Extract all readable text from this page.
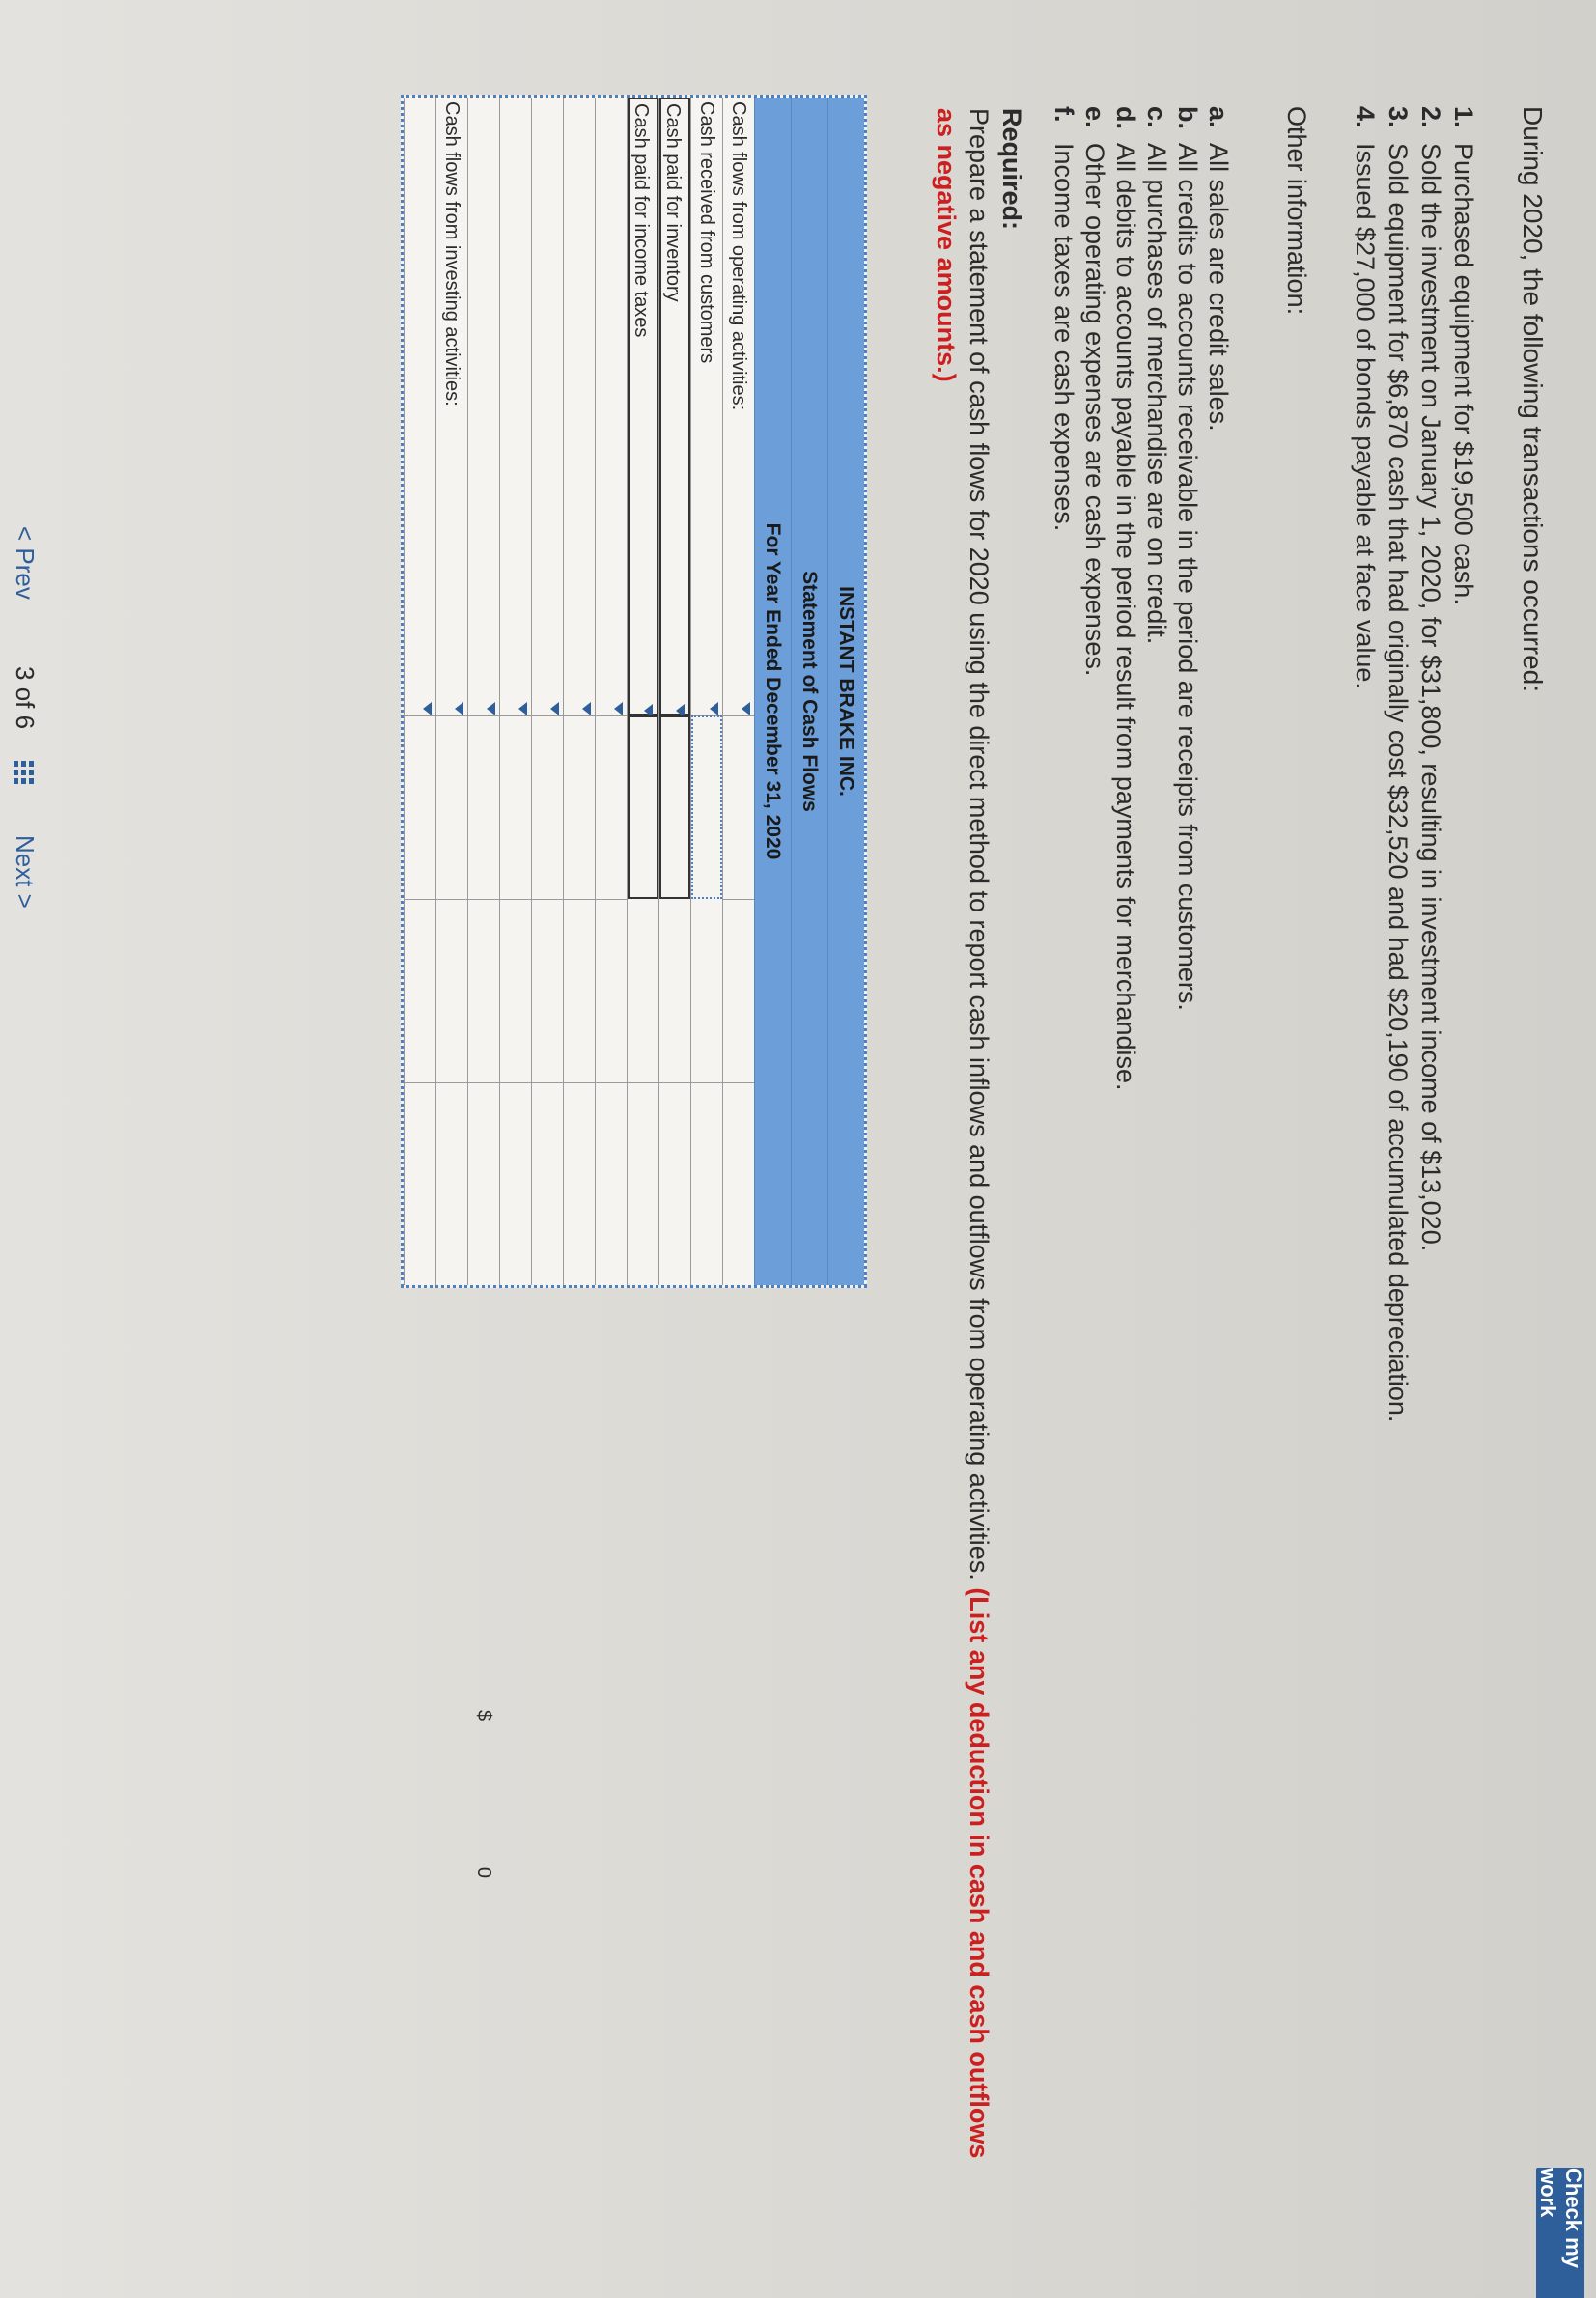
Check my work

During 2020, the following transactions occurred:

1.Purchased equipment for $19,500 cash.
2.Sold the investment on January 1, 2020, for $31,800, resulting in investment income of $13,020.
3.Sold equipment for $6,870 cash that had originally cost $32,520 and had $20,190 of accumulated depreciation.
4.Issued $27,000 of bonds payable at face value.

Other information:

a.All sales are credit sales.
b.All credits to accounts receivable in the period are receipts from customers.
c.All purchases of merchandise are on credit.
d.All debits to accounts payable in the period result from payments for merchandise.
e.Other operating expenses are cash expenses.
f.Income taxes are cash expenses.

Required:

Prepare a statement of cash flows for 2020 using the direct method to report cash inflows and outflows from operating activities. (List any deduction in cash and cash outflows as negative amounts.)

INSTANT BRAKE INC.
Statement of Cash Flows
For Year Ended December 31, 2020
Cash flows from operating activities:
Cash received from customers
Cash paid for inventory
Cash paid for income taxes
$
0
Cash flows from investing activities:
< Prev
3 of 6
Next >
